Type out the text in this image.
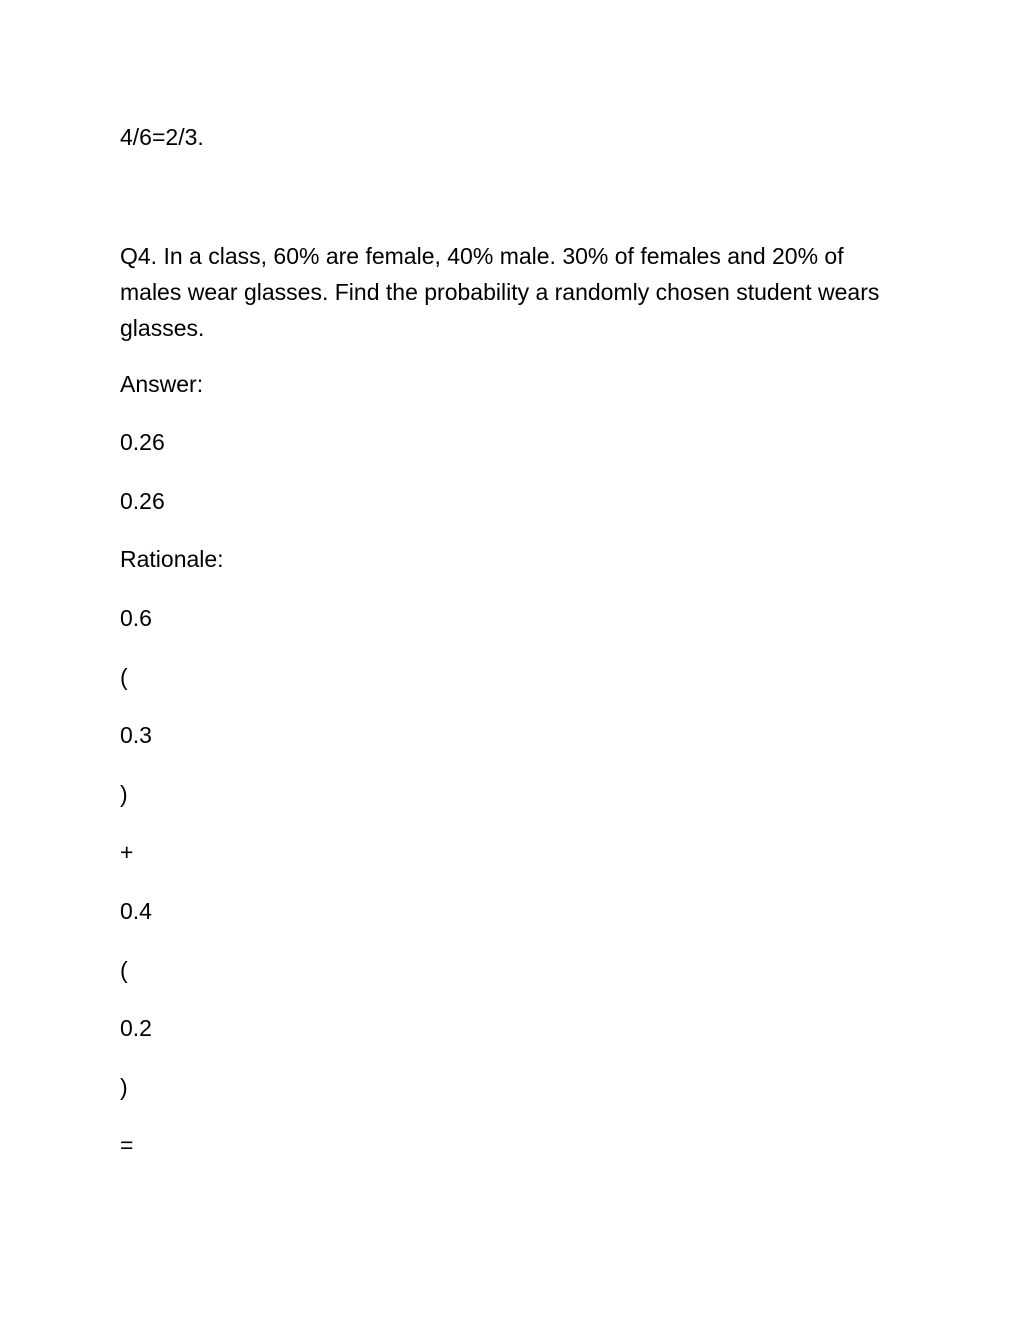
4/6=2/3.

Q4. In a class, 60% are female, 40% male. 30% of females and 20% of males wear glasses. Find the probability a randomly chosen student wears glasses.

Answer:

0.26

0.26

Rationale:

0.6

(

0.3

)

+

0.4

(

0.2

)

=
